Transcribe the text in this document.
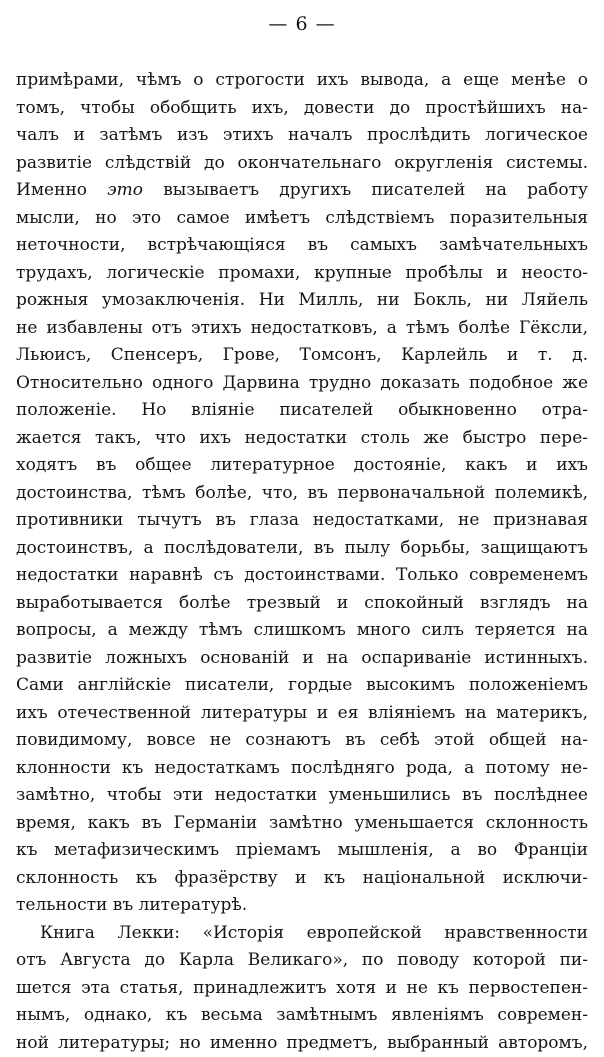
— 6 —
примѣрами, чѣмъ о строгости ихъ вывода, а еще менѣе о
томъ, чтобы обобщить ихъ, довести до простѣйшихъ на-
чалъ и затѣмъ изъ этихъ началъ прослѣдить логическое
развитіе слѣдствій до окончательнаго округленія системы.
Именно это вызываетъ другихъ писателей на работу
мысли, но это самое имѣетъ слѣдствіемъ поразительныя
неточности, встрѣчающіяся въ самыхъ замѣчательныхъ
трудахъ, логическіе промахи, крупные пробѣлы и неосто-
рожныя умозаключенія. Ни Милль, ни Бокль, ни Ляйель
не избавлены отъ этихъ недостатковъ, а тѣмъ болѣе Гёксли,
Льюисъ, Спенсеръ, Грове, Томсонъ, Карлейль и т. д.
Относительно одного Дарвина трудно доказать подобное же
положеніе. Но вліяніе писателей обыкновенно отра-
жается такъ, что ихъ недостатки столь же быстро пере-
ходятъ въ общее литературное достояніе, какъ и ихъ
достоинства, тѣмъ болѣе, что, въ первоначальной полемикѣ,
противники тычутъ въ глаза недостатками, не признавая
достоинствъ, а послѣдователи, въ пылу борьбы, защищаютъ
недостатки наравнѣ съ достоинствами. Только современемъ
выработывается болѣе трезвый и спокойный взглядъ на
вопросы, а между тѣмъ слишкомъ много силъ теряется на
развитіе ложныхъ основаній и на оспариваніе истинныхъ.
Сами англійскіе писатели, гордые высокимъ положеніемъ
ихъ отечественной литературы и ея вліяніемъ на материкъ,
повидимому, вовсе не сознаютъ въ себѣ этой общей на-
клонности къ недостаткамъ послѣдняго рода, а потому не-
замѣтно, чтобы эти недостатки уменьшились въ послѣднее
время, какъ въ Германіи замѣтно уменьшается склонность
къ метафизическимъ пріемамъ мышленія, а во Франціи
склонность къ фразёрству и къ національной исключи-
тельности въ литературѣ.
Книга Лекки: «Исторія европейской нравственности
отъ Августа до Карла Великаго», по поводу которой пи-
шется эта статья, принадлежитъ хотя и не къ первостепен-
нымъ, однако, къ весьма замѣтнымъ явленіямъ современ-
ной литературы; но именно предметъ, выбранный авторомъ,
